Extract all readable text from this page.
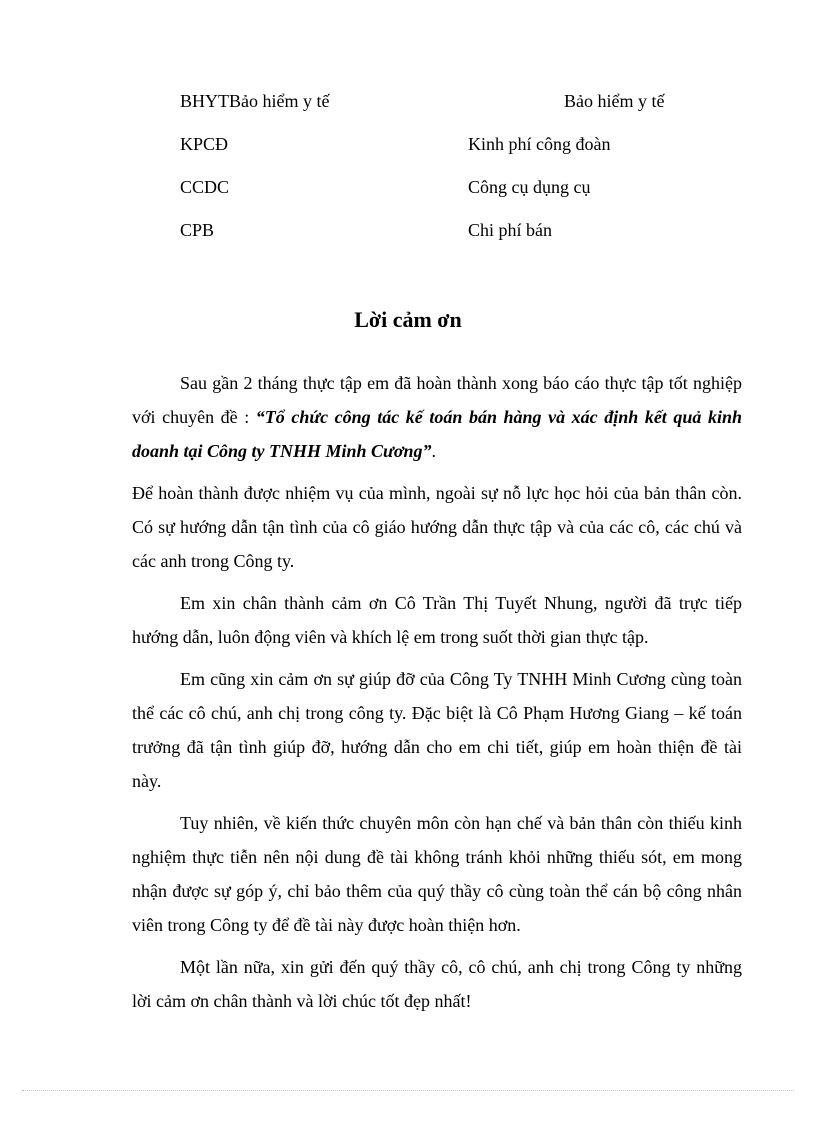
BHYTBảo hiểm y tế	Bảo hiểm y tế
KPCĐ	Kinh phí công đoàn
CCDC	Công cụ dụng cụ
CPB	Chi phí bán
Lời cảm ơn

Sau gần 2 tháng thực tập em đã hoàn thành xong báo cáo thực tập tốt nghiệp với chuyên đề : “Tổ chức công tác kế toán bán hàng và xác định kết quả kinh doanh tại Công ty TNHH Minh Cương”.

Để hoàn thành được nhiệm vụ của mình, ngoài sự nỗ lực học hỏi của bản thân còn. Có sự hướng dẫn tận tình của cô giáo hướng dẫn thực tập và của các cô, các chú và các anh trong Công ty.

Em xin chân thành cảm ơn Cô Trần Thị Tuyết Nhung, người đã trực tiếp hướng dẫn, luôn động viên và khích lệ em trong suốt thời gian thực tập.

Em cũng xin cảm ơn sự giúp đỡ của Công Ty TNHH Minh Cương cùng toàn thể các cô chú, anh chị trong công ty. Đặc biệt là Cô Phạm Hương Giang – kế toán trưởng đã tận tình giúp đỡ, hướng dẫn cho em chi tiết, giúp em hoàn thiện đề tài này.

Tuy nhiên, về kiến thức chuyên môn còn hạn chế và bản thân còn thiếu kinh nghiệm thực tiễn nên nội dung đề tài không tránh khỏi những thiếu sót, em mong nhận được sự góp ý, chỉ bảo thêm của quý thầy cô cùng toàn thể cán bộ công nhân viên trong Công ty để đề tài này được hoàn thiện hơn.

Một lần nữa, xin gửi đến quý thầy cô, cô chú, anh chị trong Công ty những lời cảm ơn chân thành và lời chúc tốt đẹp nhất!
